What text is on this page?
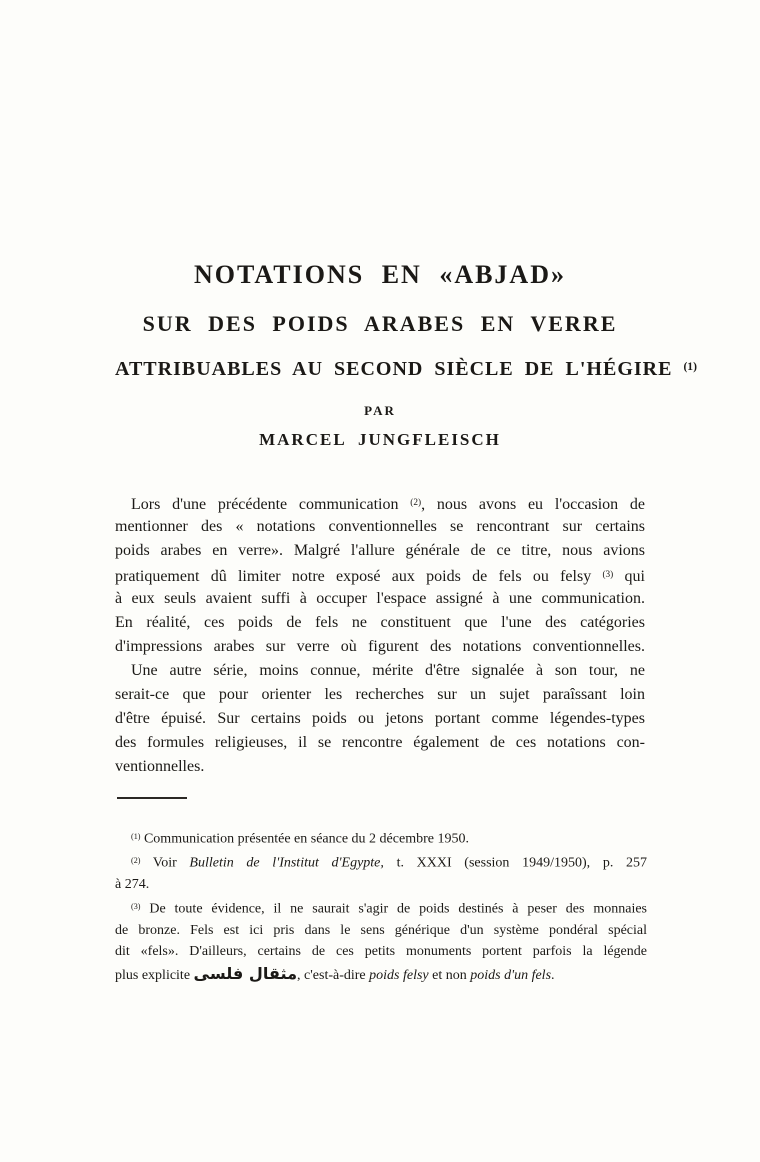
NOTATIONS EN «ABJAD»
SUR DES POIDS ARABES EN VERRE
ATTRIBUABLES AU SECOND SIÈCLE DE L'HÉGIRE $^{(1)}$
PAR
MARCEL JUNGFLEISCH
Lors d'une précédente communication $^{(2)}$, nous avons eu l'occasion de
mentionner des « notations conventionnelles se rencontrant sur certains
poids arabes en verre». Malgré l'allure générale de ce titre, nous avions
pratiquement dû limiter notre exposé aux poids de fels ou felsy $^{(3)}$ qui
à eux seuls avaient suffi à occuper l'espace assigné à une communication.
En réalité, ces poids de fels ne constituent que l'une des catégories
d'impressions arabes sur verre où figurent des notations conventionnelles.
Une autre série, moins connue, mérite d'être signalée à son tour, ne
serait-ce que pour orienter les recherches sur un sujet paraîssant loin
d'être épuisé. Sur certains poids ou jetons portant comme légendes-types
des formules religieuses, il se rencontre également de ces notations con-
ventionnelles.
$^{(1)}$ Communication présentée en séance du 2 décembre 1950.
$^{(2)}$ Voir Bulletin de l'Institut d'Egypte, t. XXXI (session 1949/1950), p. 257
à 274.
$^{(3)}$ De toute évidence, il ne saurait s'agir de poids destinés à peser des monnaies
de bronze. Fels est ici pris dans le sens générique d'un système pondéral spécial
dit «fels». D'ailleurs, certains de ces petits monuments portent parfois la légende
plus explicite مثقال فلسى, c'est-à-dire poids felsy et non poids d'un fels.
